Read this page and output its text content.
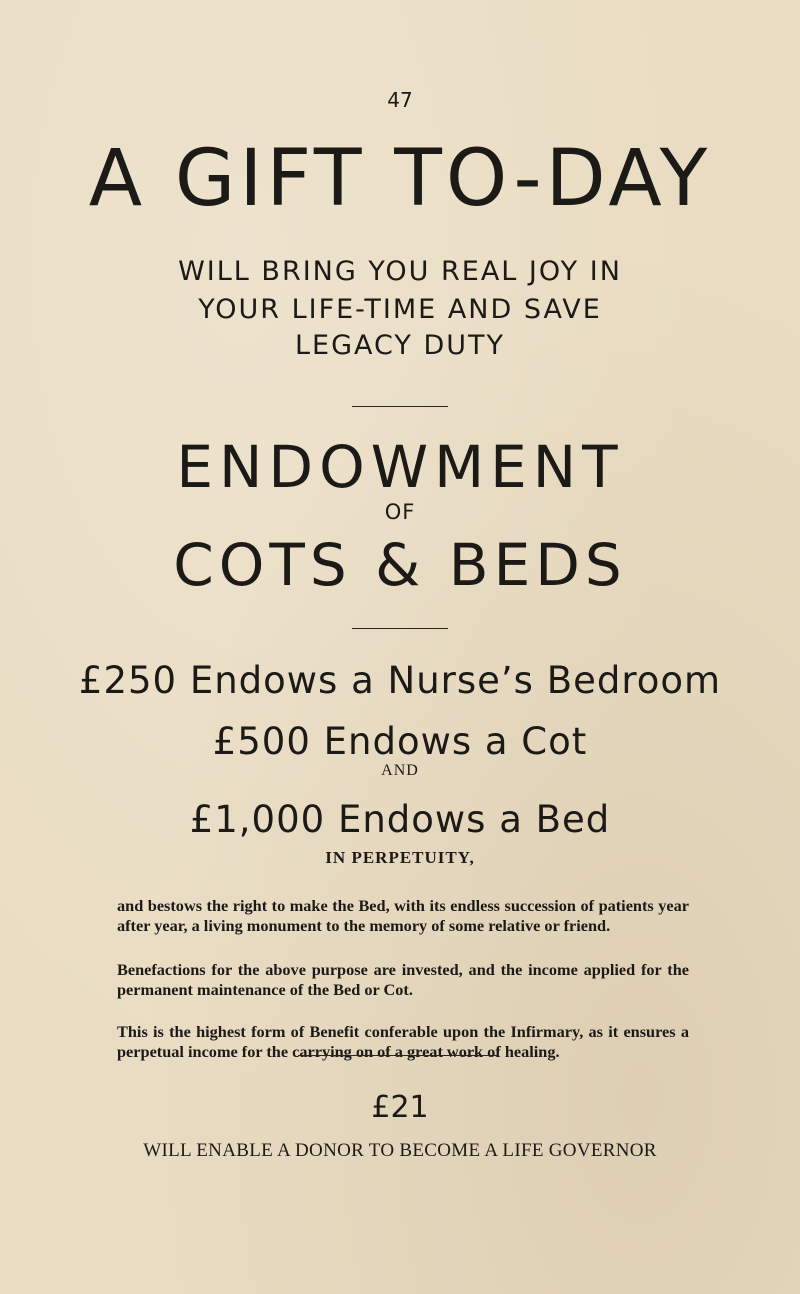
47
A GIFT TO-DAY
WILL BRING YOU REAL JOY IN
YOUR LIFE-TIME AND SAVE
LEGACY DUTY
ENDOWMENT
OF
COTS & BEDS
£250 Endows a Nurse’s Bedroom
£500 Endows a Cot
AND
£1,000 Endows a Bed
IN PERPETUITY,

and bestows the right to make the Bed, with its endless succession of patients year after year, a living monument to the memory of some relative or friend.

Benefactions for the above purpose are invested, and the income applied for the permanent maintenance of the Bed or Cot.

This is the highest form of Benefit conferable upon the Infirmary, as it ensures a perpetual income for the carrying on of a great work of healing.

£21
WILL ENABLE A DONOR TO BECOME A LIFE GOVERNOR
